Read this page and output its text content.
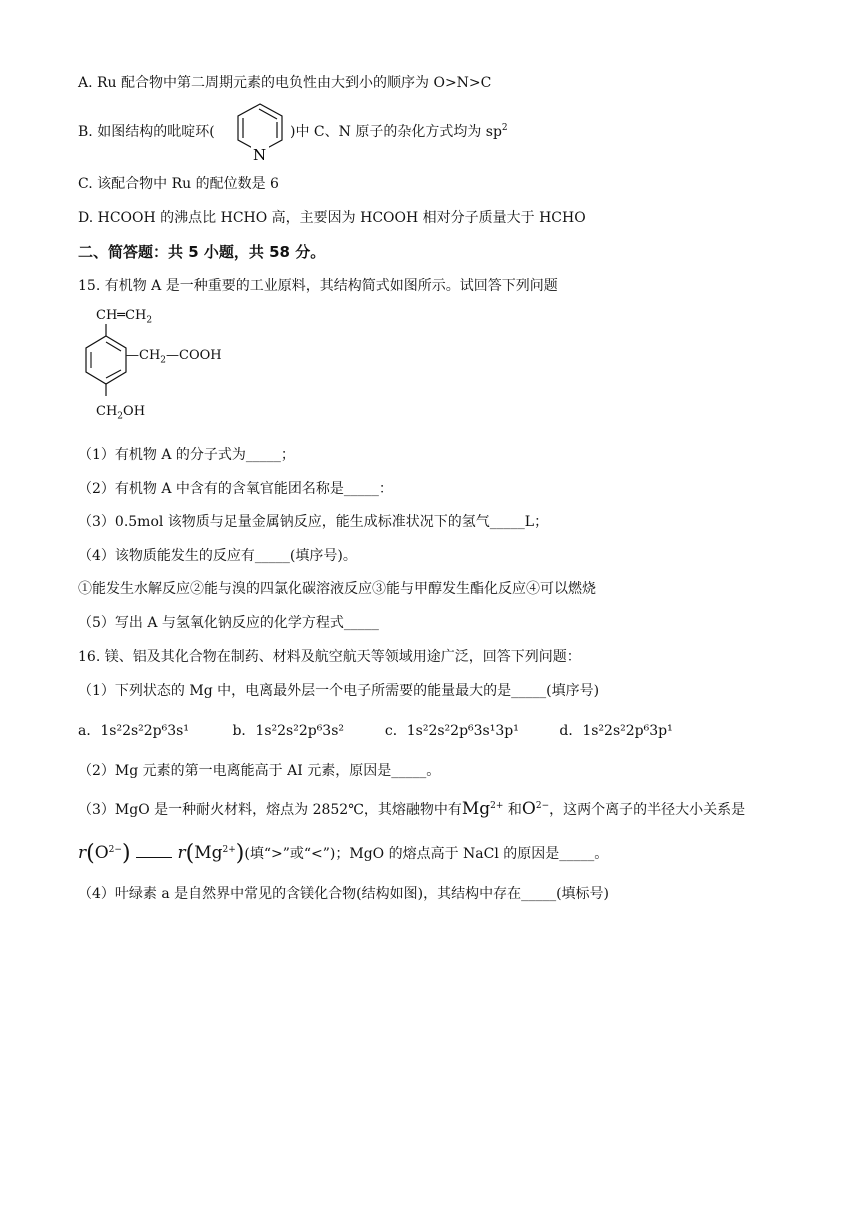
A. Ru 配合物中第二周期元素的电负性由大到小的顺序为 O>N>C
B. 如图结构的吡啶环(
N
)中 C、N 原子的杂化方式均为 $sp^2$
C. 该配合物中 Ru 的配位数是 6
D. HCOOH 的沸点比 HCHO 高，主要因为 HCOOH 相对分子质量大于 HCHO
二、简答题：共 5 小题，共 58 分。
15. 有机物 A 是一种重要的工业原料，其结构简式如图所示。试回答下列问题
$CH═CH_2$
$—CH_2—COOH$
$CH_2OH$
（1）有机物 A 的分子式为_____；
（2）有机物 A 中含有的含氧官能团名称是_____：
（3）0.5mol 该物质与足量金属钠反应，能生成标准状况下的氢气_____L；
（4）该物质能发生的反应有_____(填序号)。
①能发生水解反应②能与溴的四氯化碳溶液反应③能与甲醇发生酯化反应④可以燃烧
（5）写出 A 与氢氧化钠反应的化学方程式_____
16. 镁、铝及其化合物在制药、材料及航空航天等领域用途广泛，回答下列问题：
（1）下列状态的 Mg 中，电离最外层一个电子所需要的能量最大的是_____(填序号)
a．1s²2s²2p⁶3s¹	b．1s²2s²2p⁶3s²	c．1s²2s²2p⁶3s¹3p¹	d．1s²2s²2p⁶3p¹
（2）Mg 元素的第一电离能高于 AI 元素，原因是_____。
（3）MgO 是一种耐火材料，熔点为 2852℃，其熔融物中有$Mg^{2+}$ 和$O^{2-}$，这两个离子的半径大小关系是
$r(O^{2-})$	$r(Mg^{2+})$(填“>”或“<”)；MgO 的熔点高于 NaCl 的原因是_____。
（4）叶绿素 a 是自然界中常见的含镁化合物(结构如图)，其结构中存在_____(填标号)
